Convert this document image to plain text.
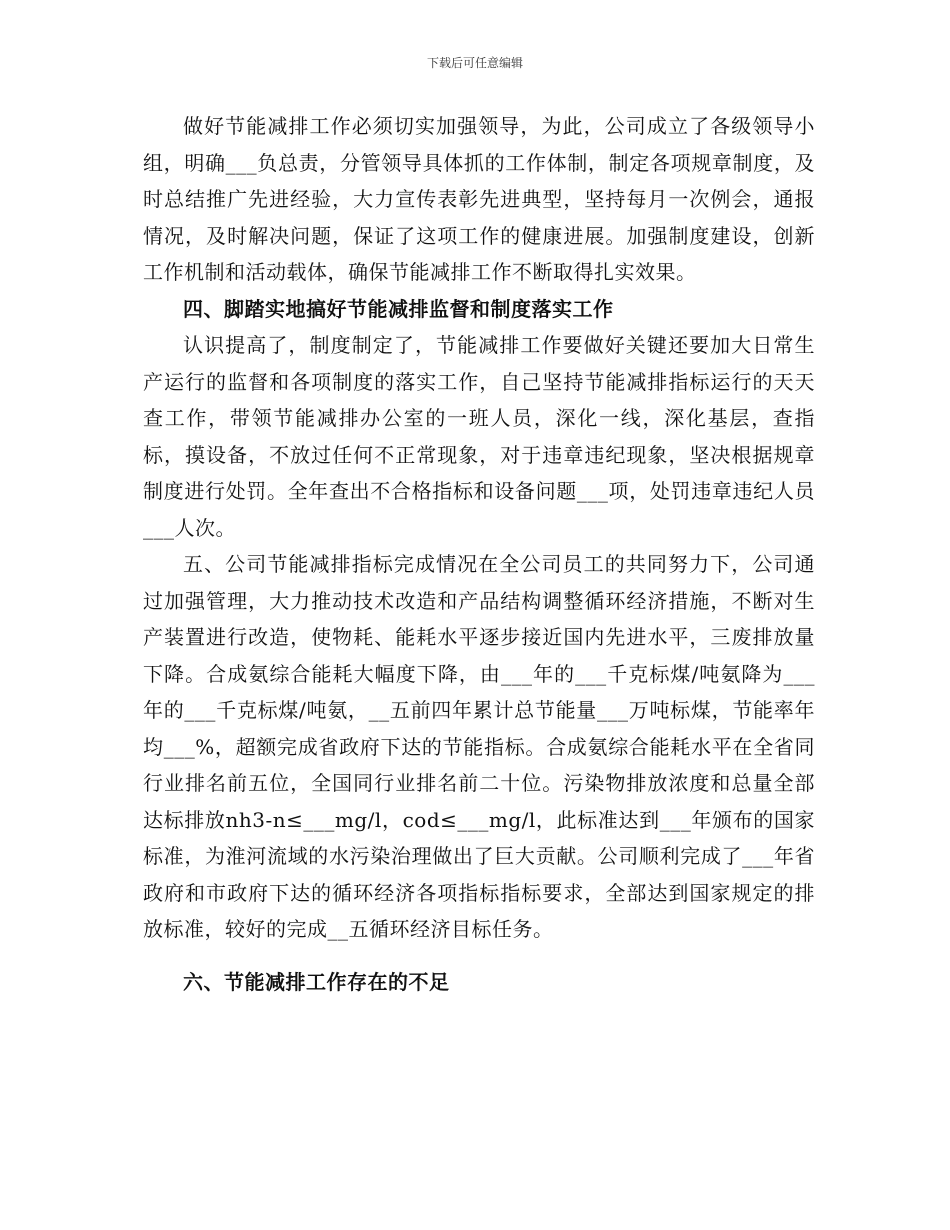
下载后可任意编辑

做好节能减排工作必须切实加强领导，为此，公司成立了各级领导小组，明确___负总责，分管领导具体抓的工作体制，制定各项规章制度，及时总结推广先进经验，大力宣传表彰先进典型，坚持每月一次例会，通报情况，及时解决问题，保证了这项工作的健康进展。加强制度建设，创新工作机制和活动载体，确保节能减排工作不断取得扎实效果。

四、脚踏实地搞好节能减排监督和制度落实工作

认识提高了，制度制定了，节能减排工作要做好关键还要加大日常生产运行的监督和各项制度的落实工作，自己坚持节能减排指标运行的天天查工作，带领节能减排办公室的一班人员，深化一线，深化基层，查指标，摸设备，不放过任何不正常现象，对于违章违纪现象，坚决根据规章制度进行处罚。全年查出不合格指标和设备问题___项，处罚违章违纪人员___人次。

五、公司节能减排指标完成情况在全公司员工的共同努力下，公司通过加强管理，大力推动技术改造和产品结构调整循环经济措施，不断对生产装置进行改造，使物耗、能耗水平逐步接近国内先进水平，三废排放量下降。合成氨综合能耗大幅度下降，由___年的___千克标煤/吨氨降为___年的___千克标煤/吨氨，__五前四年累计总节能量___万吨标煤，节能率年均___%，超额完成省政府下达的节能指标。合成氨综合能耗水平在全省同行业排名前五位，全国同行业排名前二十位。污染物排放浓度和总量全部达标排放nh3-n≤___mg/l，cod≤___mg/l，此标准达到___年颁布的国家标准，为淮河流域的水污染治理做出了巨大贡献。公司顺利完成了___年省政府和市政府下达的循环经济各项指标指标要求，全部达到国家规定的排放标准，较好的完成__五循环经济目标任务。

六、节能减排工作存在的不足
